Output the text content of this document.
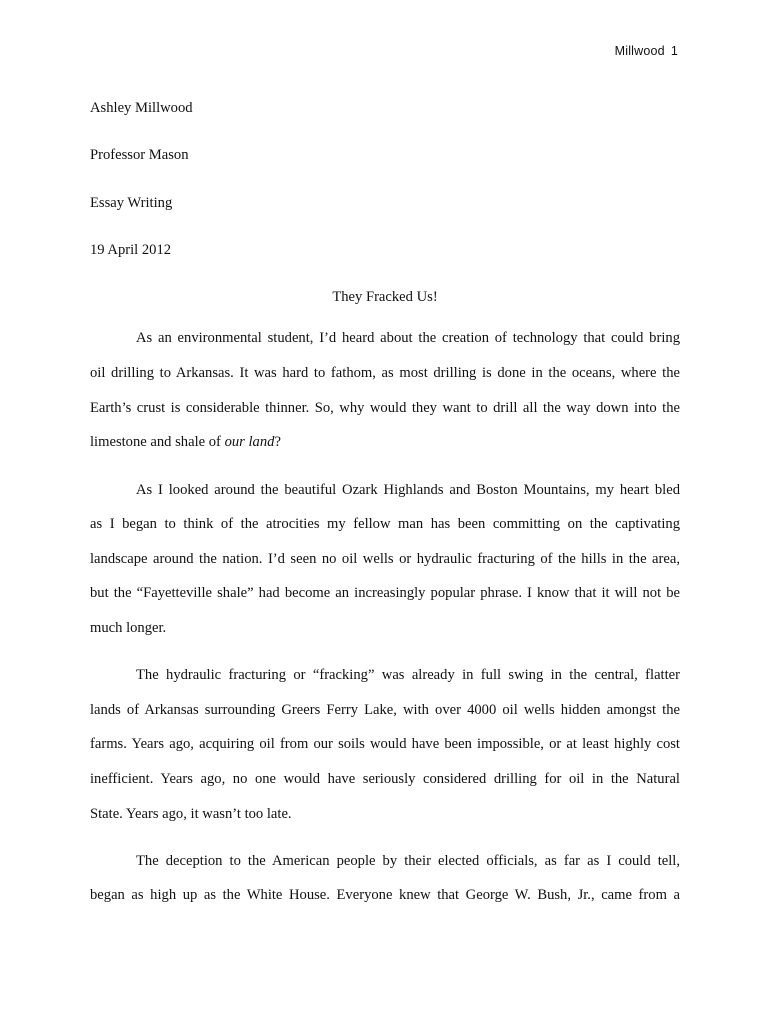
Millwood 1
Ashley Millwood
Professor Mason
Essay Writing
19 April 2012
They Fracked Us!
As an environmental student, I’d heard about the creation of technology that could bring
oil drilling to Arkansas. It was hard to fathom, as most drilling is done in the oceans, where the
Earth’s crust is considerable thinner. So, why would they want to drill all the way down into the
limestone and shale of our land?
As I looked around the beautiful Ozark Highlands and Boston Mountains, my heart bled
as I began to think of the atrocities my fellow man has been committing on the captivating
landscape around the nation. I’d seen no oil wells or hydraulic fracturing of the hills in the area,
but the “Fayetteville shale” had become an increasingly popular phrase. I know that it will not be
much longer.
The hydraulic fracturing or “fracking” was already in full swing in the central, flatter
lands of Arkansas surrounding Greers Ferry Lake, with over 4000 oil wells hidden amongst the
farms. Years ago, acquiring oil from our soils would have been impossible, or at least highly cost
inefficient. Years ago, no one would have seriously considered drilling for oil in the Natural
State. Years ago, it wasn’t too late.
The deception to the American people by their elected officials, as far as I could tell,
began as high up as the White House. Everyone knew that George W. Bush, Jr., came from a
